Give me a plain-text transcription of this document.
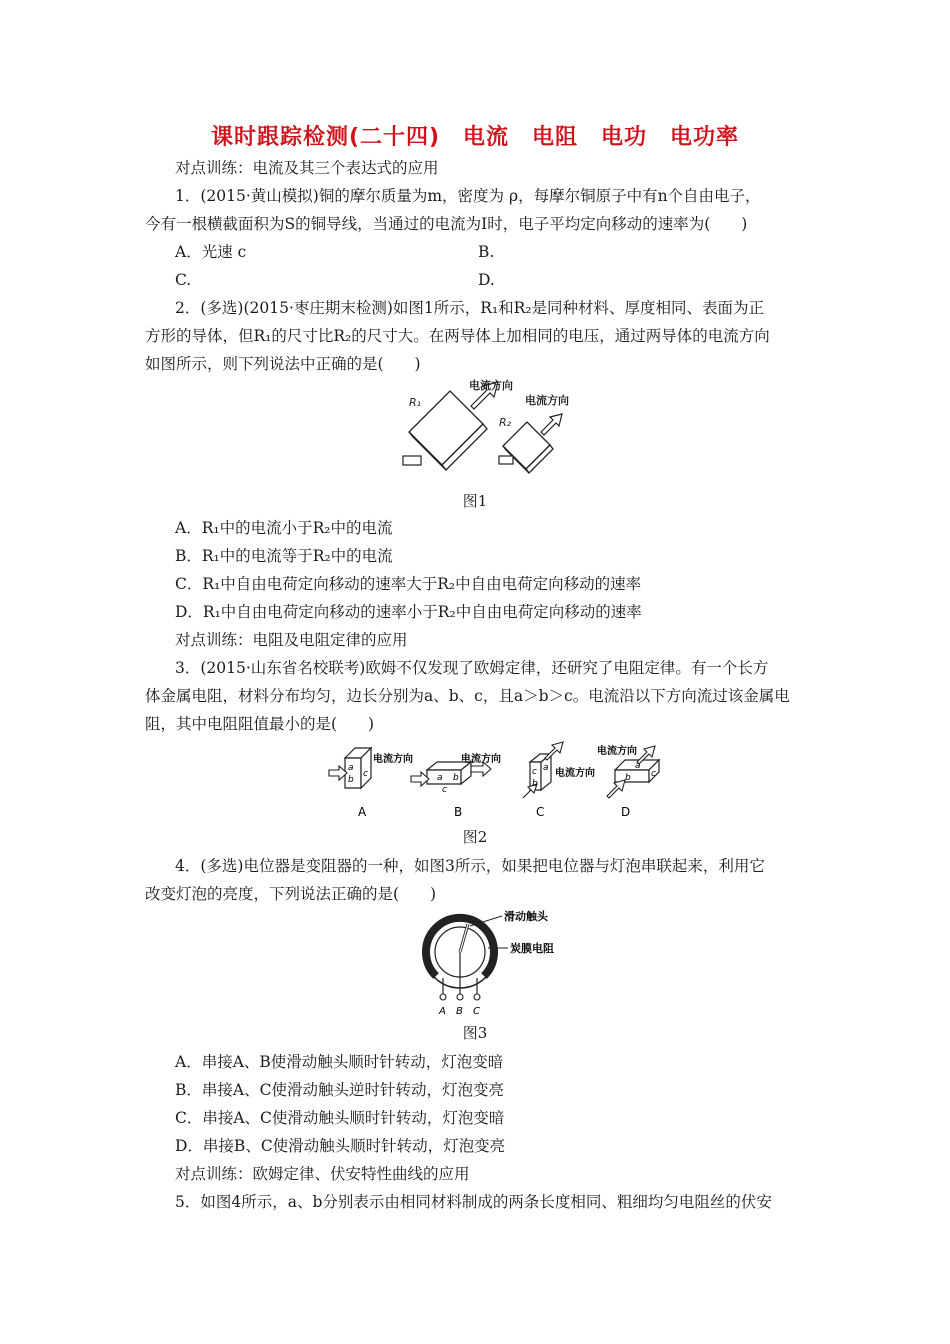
课时跟踪检测(二十四)　电流　电阻　电功　电功率
对点训练：电流及其三个表达式的应用
1．(2015·黄山模拟)铜的摩尔质量为m，密度为 ρ，每摩尔铜原子中有n个自由电子，
今有一根横截面积为S的铜导线，当通过的电流为I时，电子平均定向移动的速率为(　　)
A．光速 c	B.
C.	D.
2．(多选)(2015·枣庄期末检测)如图1所示，R₁和R₂是同种材料、厚度相同、表面为正
方形的导体，但R₁的尺寸比R₂的尺寸大。在两导体上加相同的电压，通过两导体的电流方向
如图所示，则下列说法中正确的是(　　)
R₁
电流方向
R₂
电流方向
图1
A．R₁中的电流小于R₂中的电流
B．R₁中的电流等于R₂中的电流
C．R₁中自由电荷定向移动的速率大于R₂中自由电荷定向移动的速率
D．R₁中自由电荷定向移动的速率小于R₂中自由电荷定向移动的速率
对点训练：电阻及电阻定律的应用
3．(2015·山东省名校联考)欧姆不仅发现了欧姆定律，还研究了电阻定律。有一个长方
体金属电阻，材料分布均匀，边长分别为a、b、c，且a＞b＞c。电流沿以下方向流过该金属电
阻，其中电阻阻值最小的是(　　)
a
b
c
电流方向
a b
c
电流方向
c
b
a 电流方向	b
a
c
电流方向
A	B	C	D
图2
4．(多选)电位器是变阻器的一种，如图3所示，如果把电位器与灯泡串联起来，利用它
改变灯泡的亮度，下列说法正确的是(　　)
滑动触头
炭膜电阻
A B C
图3
A．串接A、B使滑动触头顺时针转动，灯泡变暗
B．串接A、C使滑动触头逆时针转动，灯泡变亮
C．串接A、C使滑动触头顺时针转动，灯泡变暗
D．串接B、C使滑动触头顺时针转动，灯泡变亮
对点训练：欧姆定律、伏安特性曲线的应用
5．如图4所示，a、b分别表示由相同材料制成的两条长度相同、粗细均匀电阻丝的伏安
